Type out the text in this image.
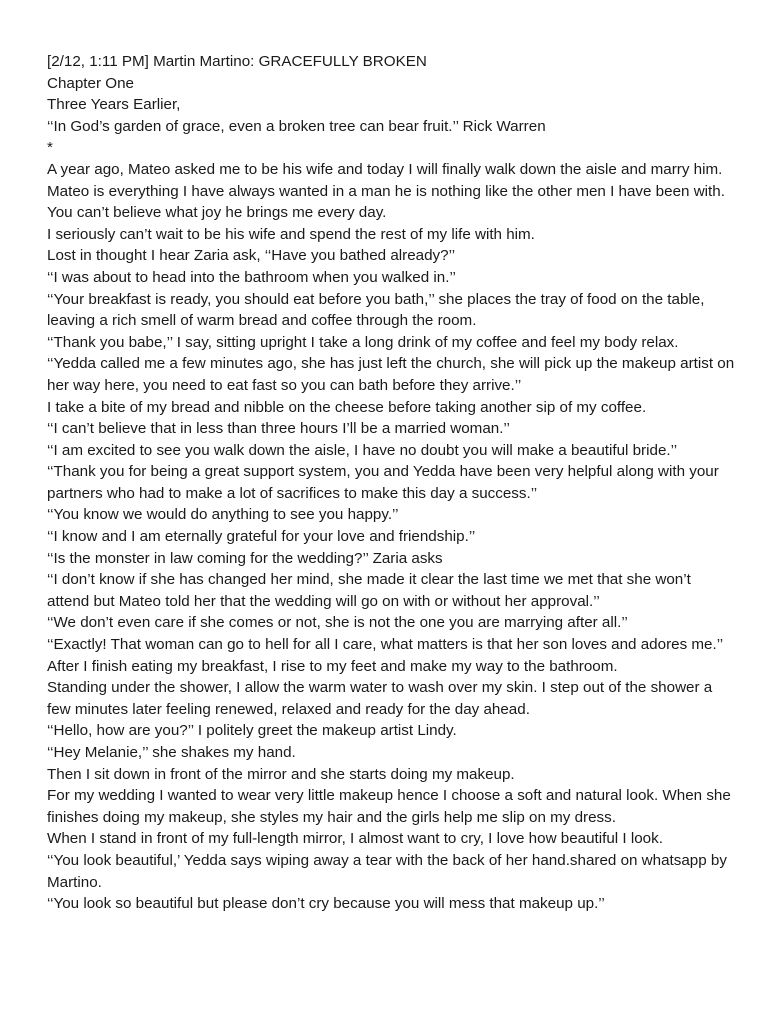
[2/12, 1:11 PM] Martin Martino: GRACEFULLY BROKEN

Chapter One

Three Years Earlier,

‘‘In God’s garden of grace, even a broken tree can bear fruit.’’ Rick Warren

*

A year ago, Mateo asked me to be his wife and today I will finally walk down the aisle and marry him. Mateo is everything I have always wanted in a man he is nothing like the other men I have been with.

You can’t believe what joy he brings me every day.

I seriously can’t wait to be his wife and spend the rest of my life with him.

Lost in thought I hear Zaria ask, ‘‘Have you bathed already?’’

‘‘I was about to head into the bathroom when you walked in.’’

‘‘Your breakfast is ready, you should eat before you bath,’’ she places the tray of food on the table, leaving a rich smell of warm bread and coffee through the room.

‘‘Thank you babe,’’ I say, sitting upright I take a long drink of my coffee and feel my body relax.

‘‘Yedda called me a few minutes ago, she has just left the church, she will pick up the makeup artist on her way here, you need to eat fast so you can bath before they arrive.’’

I take a bite of my bread and nibble on the cheese before taking another sip of my coffee.

‘‘I can’t believe that in less than three hours I’ll be a married woman.’’

‘‘I am excited to see you walk down the aisle, I have no doubt you will make a beautiful bride.’’

‘‘Thank you for being a great support system, you and Yedda have been very helpful along with your partners who had to make a lot of sacrifices to make this day a success.’’

‘‘You know we would do anything to see you happy.’’

‘‘I know and I am eternally grateful for your love and friendship.’’

‘‘Is the monster in law coming for the wedding?’’ Zaria asks

‘‘I don’t know if she has changed her mind, she made it clear the last time we met that she won’t attend but Mateo told her that the wedding will go on with or without her approval.’’

‘‘We don’t even care if she comes or not, she is not the one you are marrying after all.’’

‘‘Exactly! That woman can go to hell for all I care, what matters is that her son loves and adores me.’’

After I finish eating my breakfast, I rise to my feet and make my way to the bathroom.

Standing under the shower, I allow the warm water to wash over my skin. I step out of the shower a few minutes later feeling renewed, relaxed and ready for the day ahead.

‘‘Hello, how are you?’’ I politely greet the makeup artist Lindy.

‘‘Hey Melanie,’’ she shakes my hand.

Then I sit down in front of the mirror and she starts doing my makeup.

For my wedding I wanted to wear very little makeup hence I choose a soft and natural look. When she finishes doing my makeup, she styles my hair and the girls help me slip on my dress.

When I stand in front of my full-length mirror, I almost want to cry, I love how beautiful I look.

‘‘You look beautiful,’ Yedda says wiping away a tear with the back of her hand.shared on whatsapp by Martino.

‘‘You look so beautiful but please don’t cry because you will mess that makeup up.’’
